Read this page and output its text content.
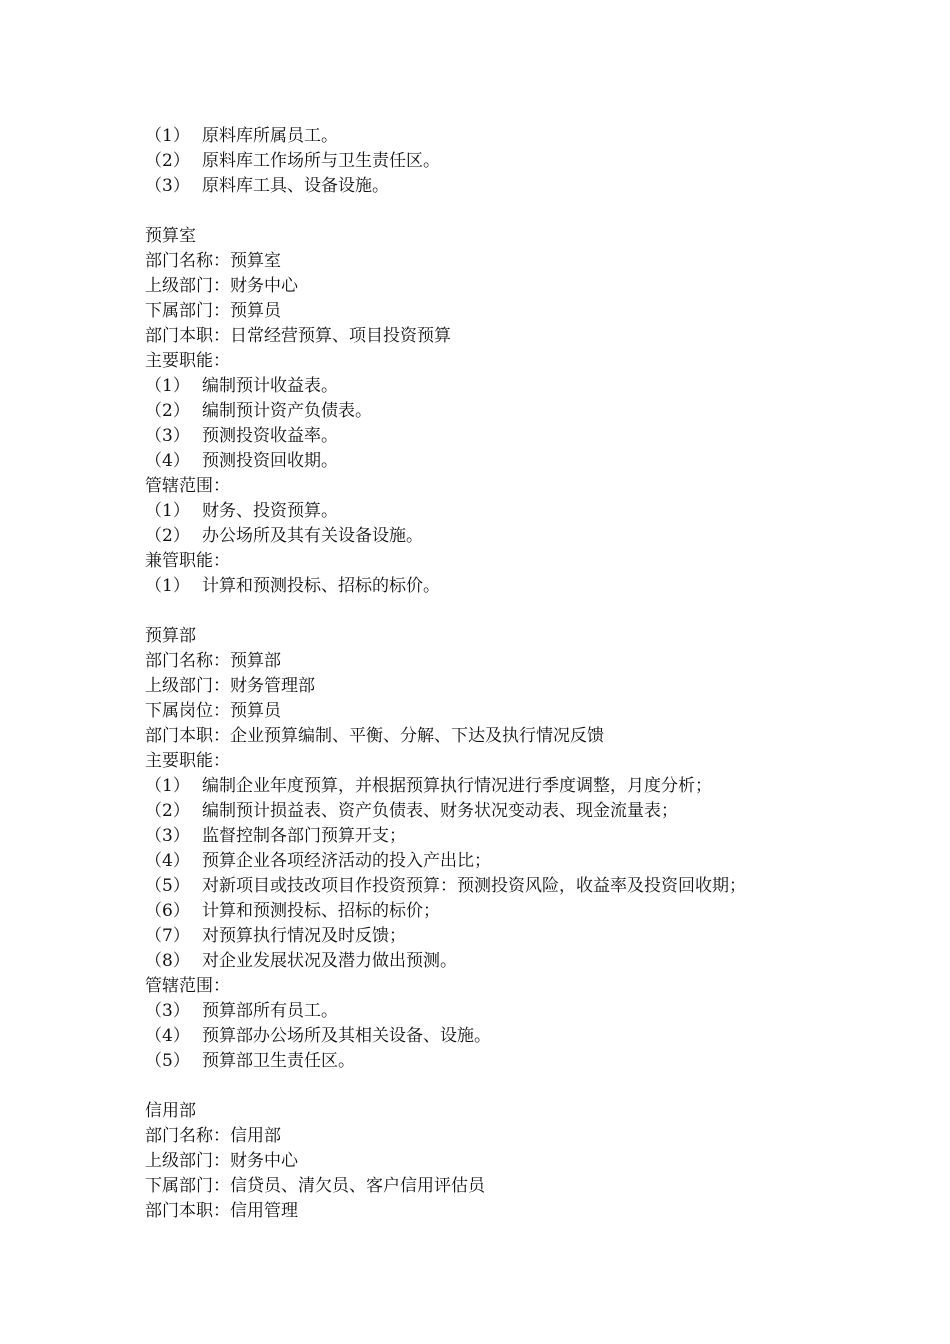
（1） 原料库所属员工。
（2） 原料库工作场所与卫生责任区。
（3） 原料库工具、设备设施。
预算室
部门名称：预算室
上级部门：财务中心
下属部门：预算员
部门本职：日常经营预算、项目投资预算
主要职能：
（1） 编制预计收益表。
（2） 编制预计资产负债表。
（3） 预测投资收益率。
（4） 预测投资回收期。
管辖范围：
（1） 财务、投资预算。
（2） 办公场所及其有关设备设施。
兼管职能：
（1） 计算和预测投标、招标的标价。
预算部
部门名称：预算部
上级部门：财务管理部
下属岗位：预算员
部门本职：企业预算编制、平衡、分解、下达及执行情况反馈
主要职能：
（1） 编制企业年度预算，并根据预算执行情况进行季度调整，月度分析；
（2） 编制预计损益表、资产负债表、财务状况变动表、现金流量表；
（3） 监督控制各部门预算开支；
（4） 预算企业各项经济活动的投入产出比；
（5） 对新项目或技改项目作投资预算：预测投资风险，收益率及投资回收期；
（6） 计算和预测投标、招标的标价；
（7） 对预算执行情况及时反馈；
（8） 对企业发展状况及潜力做出预测。
管辖范围：
（3） 预算部所有员工。
（4） 预算部办公场所及其相关设备、设施。
（5） 预算部卫生责任区。
信用部
部门名称：信用部
上级部门：财务中心
下属部门：信贷员、清欠员、客户信用评估员
部门本职：信用管理
